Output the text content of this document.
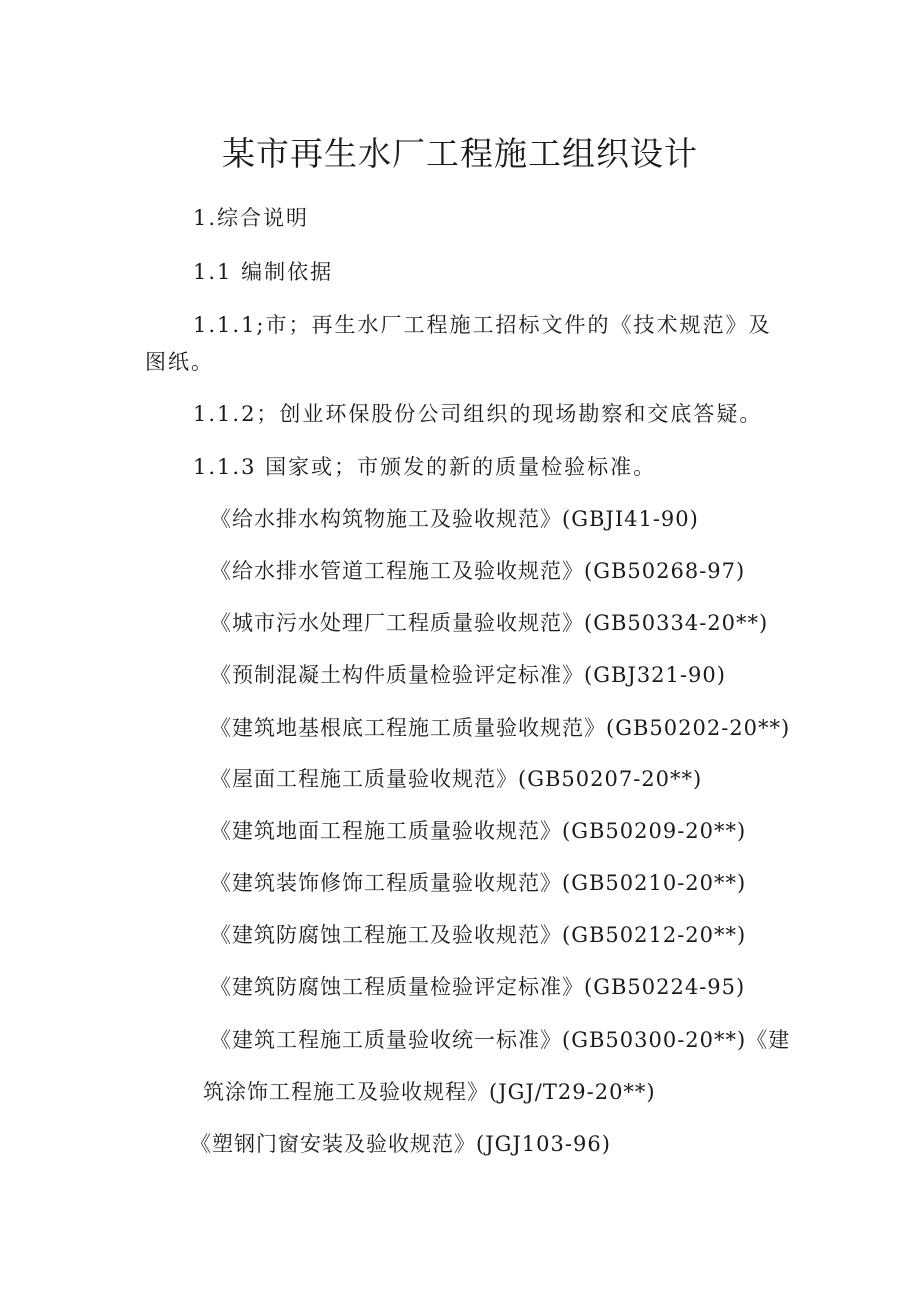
某市再生水厂工程施工组织设计
1.综合说明
1.1 编制依据
1.1.1;市；再生水厂工程施工招标文件的《技术规范》及
图纸。
1.1.2；创业环保股份公司组织的现场勘察和交底答疑。
1.1.3 国家或；市颁发的新的质量检验标准。
《给水排水构筑物施工及验收规范》(GBJI41-90)
《给水排水管道工程施工及验收规范》(GB50268-97)
《城市污水处理厂工程质量验收规范》(GB50334-20**)
《预制混凝土构件质量检验评定标准》(GBJ321-90)
《建筑地基根底工程施工质量验收规范》(GB50202-20**)
《屋面工程施工质量验收规范》(GB50207-20**)
《建筑地面工程施工质量验收规范》(GB50209-20**)
《建筑装饰修饰工程质量验收规范》(GB50210-20**)
《建筑防腐蚀工程施工及验收规范》(GB50212-20**)
《建筑防腐蚀工程质量检验评定标准》(GB50224-95)
《建筑工程施工质量验收统一标准》(GB50300-20**)《建
筑涂饰工程施工及验收规程》(JGJ/T29-20**)
《塑钢门窗安装及验收规范》(JGJ103-96)
